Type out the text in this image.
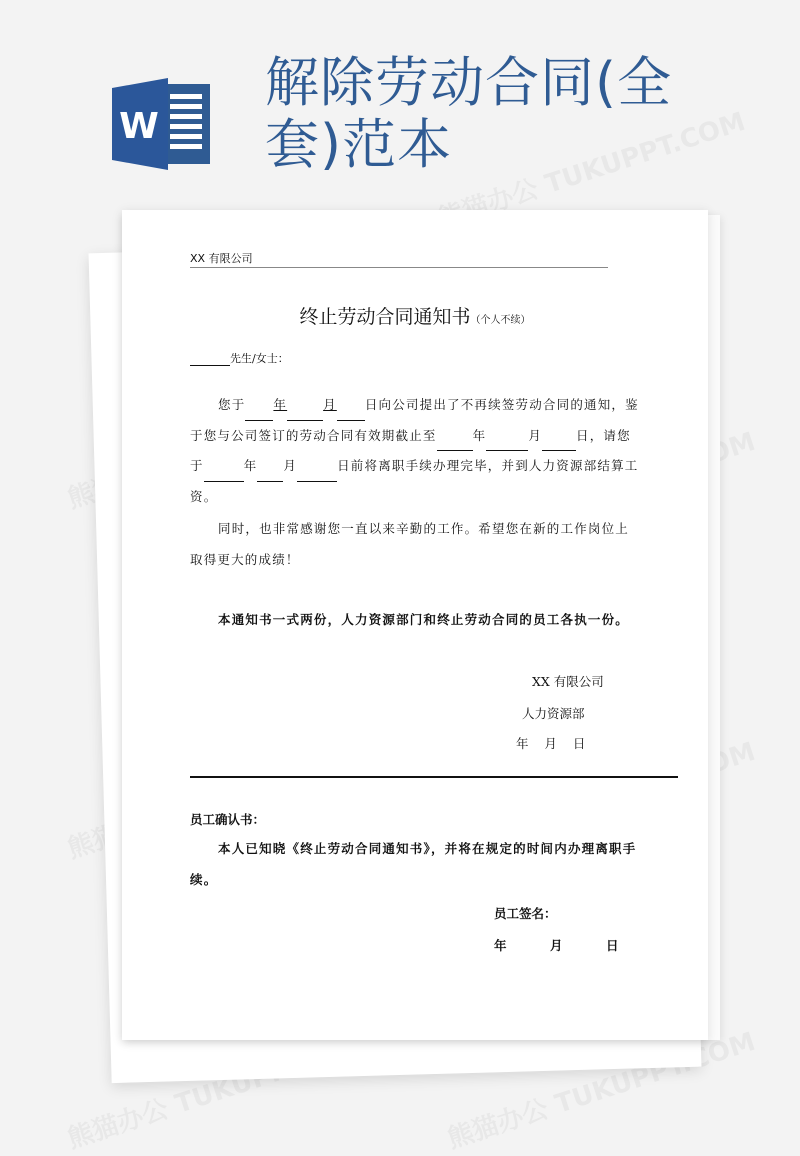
W
解除劳动合同(全套)范本
XX 有限公司
终止劳动合同通知书（个人不续）
先生/女士：
您于 年	月 日向公司提出了不再续签劳动合同的通知，鉴于您与公司签订的劳动合同有效期截止至	年	月	日，请您于	年 月	日前将离职手续办理完毕，并到人力资源部结算工资。
同时，也非常感谢您一直以来辛勤的工作。希望您在新的工作岗位上取得更大的成绩！
本通知书一式两份，人力资源部门和终止劳动合同的员工各执一份。
XX 有限公司
人力资源部
年 月 日
员工确认书：
本人已知晓《终止劳动合同通知书》，并将在规定的时间内办理离职手续。
员工签名：
年	月	日
